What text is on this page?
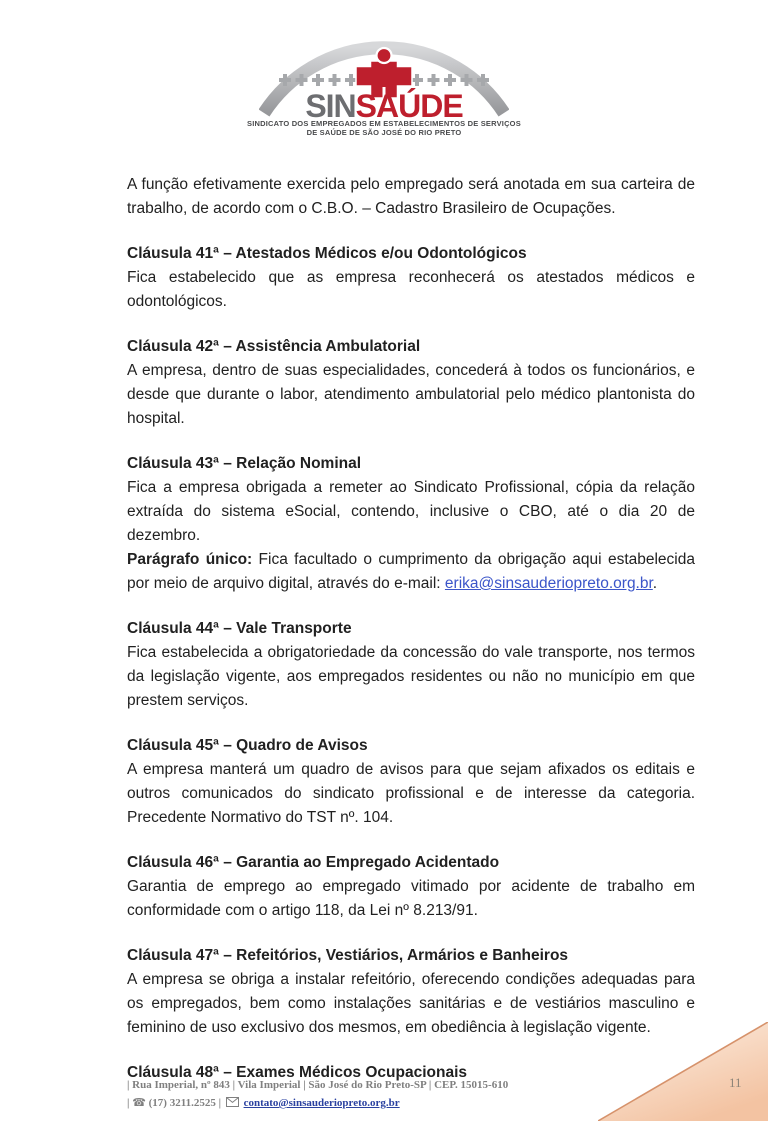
SINSAÚDE
SINDICATO DOS EMPREGADOS EM ESTABELECIMENTOS DE SERVIÇOS
DE SAÚDE DE SÃO JOSÉ DO RIO PRETO

A função efetivamente exercida pelo empregado será anotada em sua carteira de trabalho, de acordo com o C.B.O. – Cadastro Brasileiro de Ocupações.

Cláusula 41ª – Atestados Médicos e/ou Odontológicos

Fica estabelecido que as empresa reconhecerá os atestados médicos e odontológicos.

Cláusula 42ª – Assistência Ambulatorial

A empresa, dentro de suas especialidades, concederá à todos os funcionários, e desde que durante o labor, atendimento ambulatorial pelo médico plantonista do hospital.

Cláusula 43ª – Relação Nominal

Fica a empresa obrigada a remeter ao Sindicato Profissional, cópia da relação extraída do sistema eSocial, contendo, inclusive o CBO, até o dia 20 de dezembro.

Parágrafo único: Fica facultado o cumprimento da obrigação aqui estabelecida por meio de arquivo digital, através do e-mail: erika@sinsauderiopreto.org.br.

Cláusula 44ª – Vale Transporte

Fica estabelecida a obrigatoriedade da concessão do vale transporte, nos termos da legislação vigente, aos empregados residentes ou não no município em que prestem serviços.

Cláusula 45ª – Quadro de Avisos

A empresa manterá um quadro de avisos para que sejam afixados os editais e outros comunicados do sindicato profissional e de interesse da categoria. Precedente Normativo do TST nº. 104.

Cláusula 46ª – Garantia ao Empregado Acidentado

Garantia de emprego ao empregado vitimado por acidente de trabalho em conformidade com o artigo 118, da Lei nº 8.213/91.

Cláusula 47ª – Refeitórios, Vestiários, Armários e Banheiros

A empresa se obriga a instalar refeitório, oferecendo condições adequadas para os empregados, bem como instalações sanitárias e de vestiários masculino e feminino de uso exclusivo dos mesmos, em obediência à legislação vigente.

Cláusula 48ª – Exames Médicos Ocupacionais

11
| Rua Imperial, nº 843 | Vila Imperial | São José do Rio Preto-SP | CEP. 15015-610
| ☎ (17) 3211.2525 | contato@sinsauderiopreto.org.br
